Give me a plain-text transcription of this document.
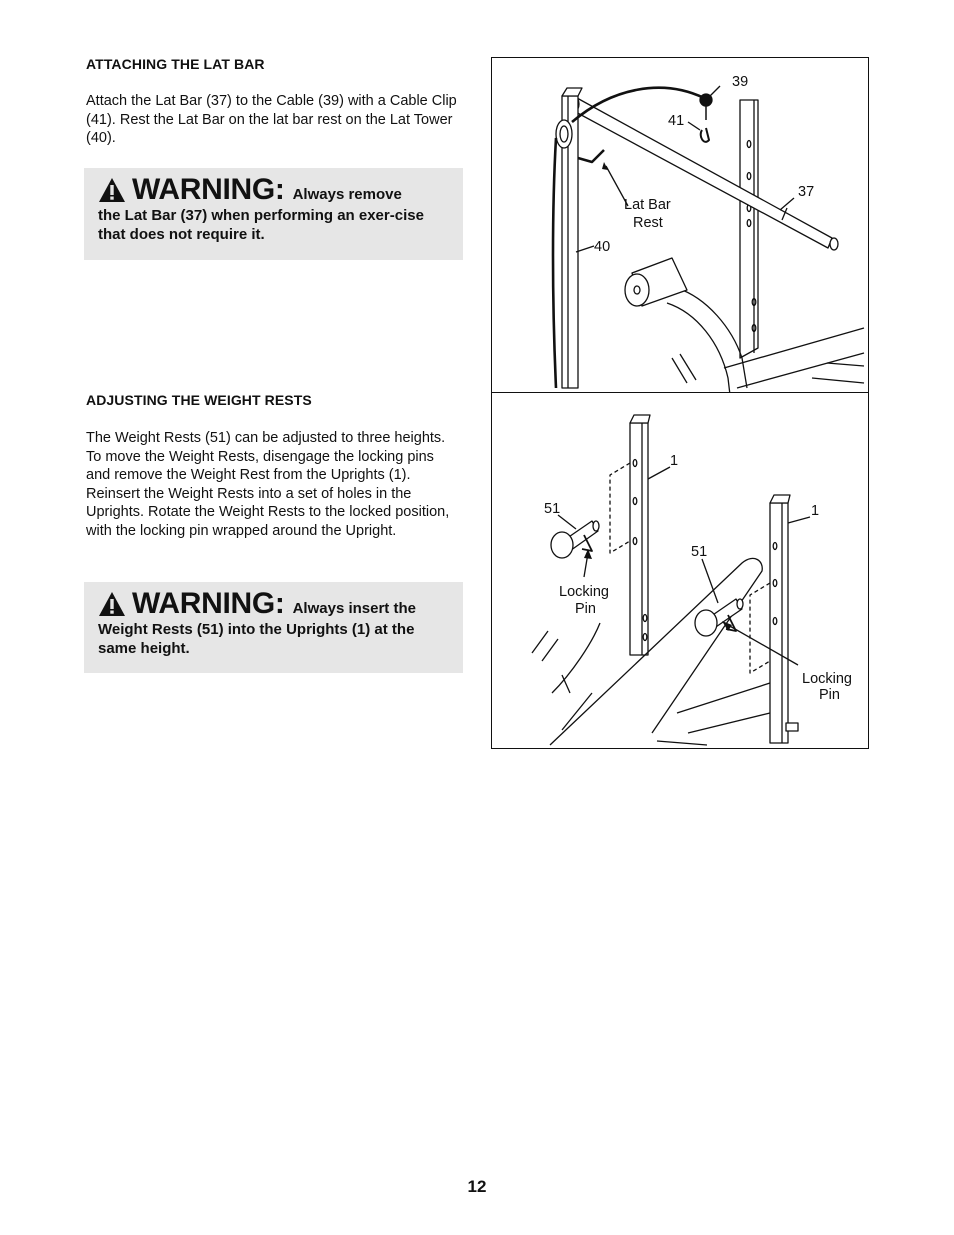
ATTACHING THE LAT BAR

Attach the Lat Bar (37) to the Cable (39) with a Cable Clip (41). Rest the Lat Bar on the lat bar rest on the Lat Tower (40).

WARNING: Always remove
the Lat Bar (37) when performing an exer-cise that does not require it.
ADJUSTING THE WEIGHT RESTS

The Weight Rests (51) can be adjusted to three heights. To move the Weight Rests, disengage the locking pins and remove the Weight Rest from the Uprights (1). Reinsert the Weight Rests into a set of holes in the Uprights. Rotate the Weight Rests to the locked position, with the locking pin wrapped around the Upright.

WARNING: Always insert the
Weight Rests (51) into the Uprights (1) at the same height.
39
41
37
40
Lat Bar
Rest
1
1
51
51
Locking
Pin
Locking
Pin
12
